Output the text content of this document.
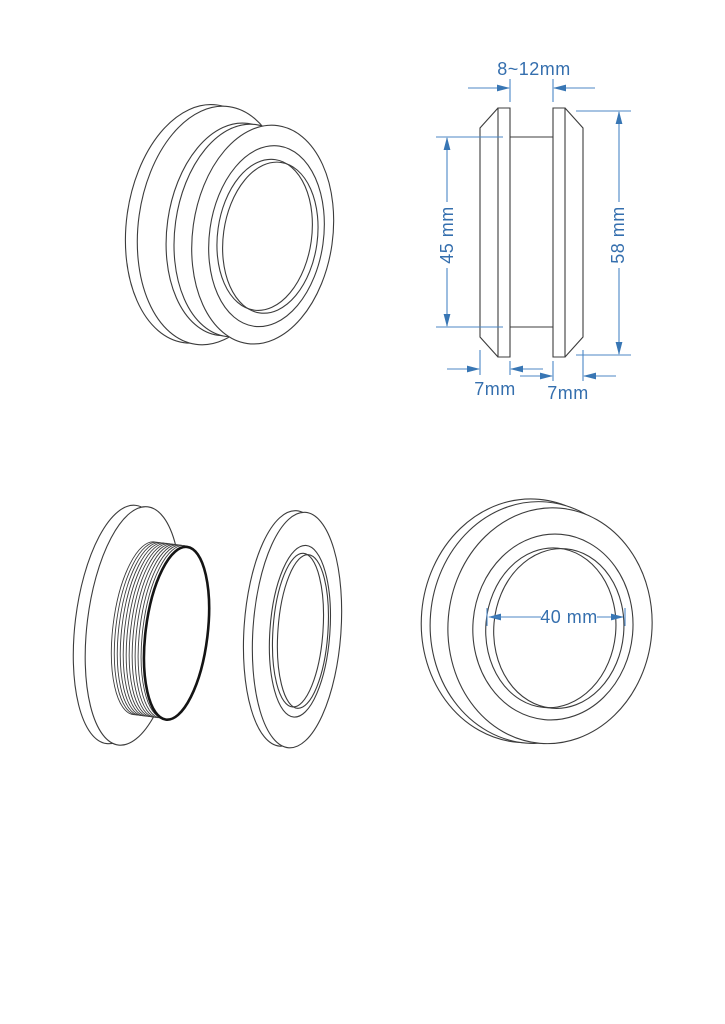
8~12mm
45 mm	58 mm
7mm 7mm
40 mm
